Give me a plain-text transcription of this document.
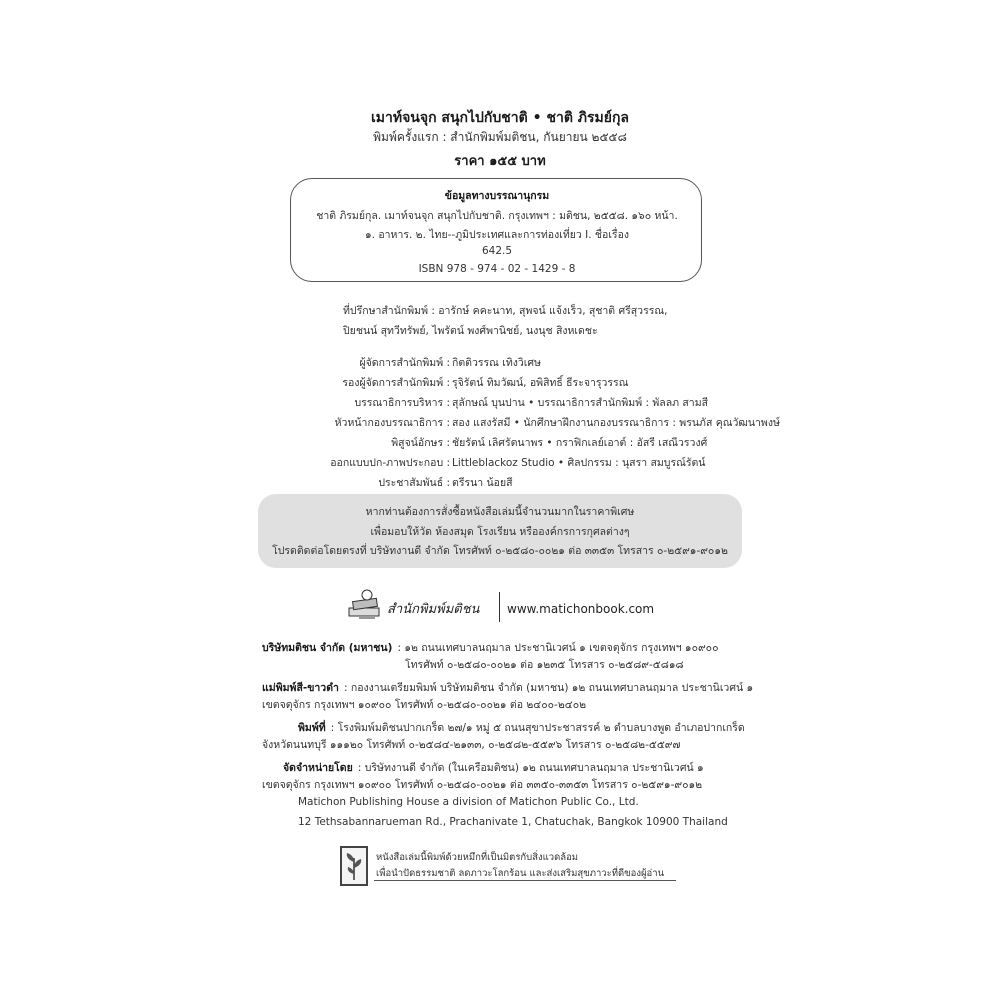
เมาท์จนจุก สนุกไปกับชาติ • ชาติ ภิรมย์กุล
พิมพ์ครั้งแรก : สำนักพิมพ์มติชน, กันยายน ๒๕๕๘
ราคา ๑๕๕ บาท
ข้อมูลทางบรรณานุกรม
ชาติ ภิรมย์กุล. เมาท์จนจุก สนุกไปกับชาติ. กรุงเทพฯ : มติชน, ๒๕๕๘. ๑๖๐ หน้า.
๑. อาหาร. ๒. ไทย--ภูมิประเทศและการท่องเที่ยว I. ชื่อเรื่อง
642.5
ISBN 978 - 974 - 02 - 1429 - 8
ที่ปรึกษาสำนักพิมพ์ : อารักษ์ คคะนาท, สุพจน์ แจ้งเร็ว, สุชาติ ศรีสุวรรณ,
ปิยชนน์ สุทวีทรัพย์, ไพรัตน์ พงศ์พานิชย์, นงนุช สิงหเดชะ
ผู้จัดการสำนักพิมพ์ : กิตติวรรณ เทิงวิเศษ
รองผู้จัดการสำนักพิมพ์ : รุจิรัตน์ ทิมวัฒน์, อพิสิทธิ์ ธีระจารุวรรณ
บรรณาธิการบริหาร : สุลักษณ์ บุนปาน • บรรณาธิการสำนักพิมพ์ : พัลลภ สามสี
หัวหน้ากองบรรณาธิการ : สอง แสงรัสมี • นักศึกษาฝึกงานกองบรรณาธิการ : พรนภัส คุณวัฒนาพงษ์
พิสูจน์อักษร : ชัยรัตน์ เลิศรัตนาพร • กราฟิกเลย์เอาต์ : อัสรี เสณีวรวงศ์
ออกแบบปก-ภาพประกอบ : Littleblackoz Studio • ศิลปกรรม : นุสรา สมบูรณ์รัตน์
ประชาสัมพันธ์ : ตรีรนา น้อยสี
หากท่านต้องการสั่งซื้อหนังสือเล่มนี้จำนวนมากในราคาพิเศษ
เพื่อมอบให้วัด ห้องสมุด โรงเรียน หรือองค์กรการกุศลต่างๆ
โปรดติดต่อโดยตรงที่ บริษัทงานดี จำกัด โทรศัพท์ ๐-๒๕๘๐-๐๐๒๑ ต่อ ๓๓๕๓ โทรสาร ๐-๒๕๙๑-๙๐๑๒
สำนักพิมพ์มติชน www.matichonbook.com
บริษัทมติชน จำกัด (มหาชน) : ๑๒ ถนนเทศบาลนฤมาล ประชานิเวศน์ ๑ เขตจตุจักร กรุงเทพฯ ๑๐๙๐๐
โทรศัพท์ ๐-๒๕๘๐-๐๐๒๑ ต่อ ๑๒๓๕ โทรสาร ๐-๒๕๘๙-๕๘๑๘
แม่พิมพ์สี-ขาวดำ : กองงานเตรียมพิมพ์ บริษัทมติชน จำกัด (มหาชน) ๑๒ ถนนเทศบาลนฤมาล ประชานิเวศน์ ๑
เขตจตุจักร กรุงเทพฯ ๑๐๙๐๐ โทรศัพท์ ๐-๒๕๘๐-๐๐๒๑ ต่อ ๒๔๐๐-๒๔๐๒
พิมพ์ที่ : โรงพิมพ์มติชนปากเกร็ด ๒๗/๑ หมู่ ๕ ถนนสุขาประชาสรรค์ ๒ ตำบลบางพูด อำเภอปากเกร็ด
จังหวัดนนทบุรี ๑๑๑๒๐ โทรศัพท์ ๐-๒๕๘๔-๒๑๓๓, ๐-๒๕๘๒-๕๕๙๖ โทรสาร ๐-๒๕๘๒-๕๕๙๗
จัดจำหน่ายโดย : บริษัทงานดี จำกัด (ในเครือมติชน) ๑๒ ถนนเทศบาลนฤมาล ประชานิเวศน์ ๑
เขตจตุจักร กรุงเทพฯ ๑๐๙๐๐ โทรศัพท์ ๐-๒๕๘๐-๐๐๒๑ ต่อ ๓๓๕๐-๓๓๕๓ โทรสาร ๐-๒๕๙๑-๙๐๑๒
Matichon Publishing House a division of Matichon Public Co., Ltd.
12 Tethsabannarueman Rd., Prachanivate 1, Chatuchak, Bangkok 10900 Thailand
หนังสือเล่มนี้พิมพ์ด้วยหมึกที่เป็นมิตรกับสิ่งแวดล้อม
เพื่อนำปัดธรรมชาติ ลดภาวะโลกร้อน และส่งเสริมสุขภาวะที่ดีของผู้อ่าน
